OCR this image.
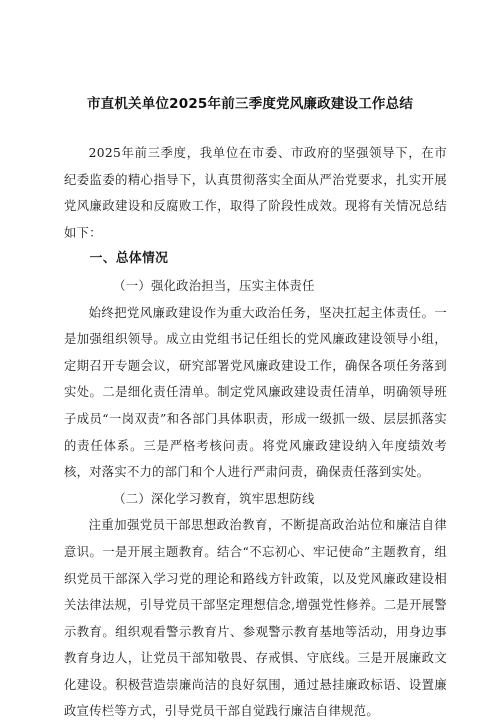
市直机关单位2025年前三季度党风廉政建设工作总结

2025年前三季度，我单位在市委、市政府的坚强领导下，在市纪委监委的精心指导下，认真贯彻落实全面从严治党要求，扎实开展党风廉政建设和反腐败工作，取得了阶段性成效。现将有关情况总结如下：

一、总体情况

（一）强化政治担当，压实主体责任

始终把党风廉政建设作为重大政治任务，坚决扛起主体责任。一是加强组织领导。成立由党组书记任组长的党风廉政建设领导小组，定期召开专题会议，研究部署党风廉政建设工作，确保各项任务落到实处。二是细化责任清单。制定党风廉政建设责任清单，明确领导班子成员“一岗双责”和各部门具体职责，形成一级抓一级、层层抓落实的责任体系。三是严格考核问责。将党风廉政建设纳入年度绩效考核，对落实不力的部门和个人进行严肃问责，确保责任落到实处。

（二）深化学习教育，筑牢思想防线

注重加强党员干部思想政治教育，不断提高政治站位和廉洁自律意识。一是开展主题教育。结合“不忘初心、牢记使命”主题教育，组织党员干部深入学习党的理论和路线方针政策，以及党风廉政建设相关法律法规，引导党员干部坚定理想信念,增强党性修养。二是开展警示教育。组织观看警示教育片、参观警示教育基地等活动，用身边事教育身边人，让党员干部知敬畏、存戒惧、守底线。三是开展廉政文化建设。积极营造崇廉尚洁的良好氛围，通过悬挂廉政标语、设置廉政宣传栏等方式，引导党员干部自觉践行廉洁自律规范。
